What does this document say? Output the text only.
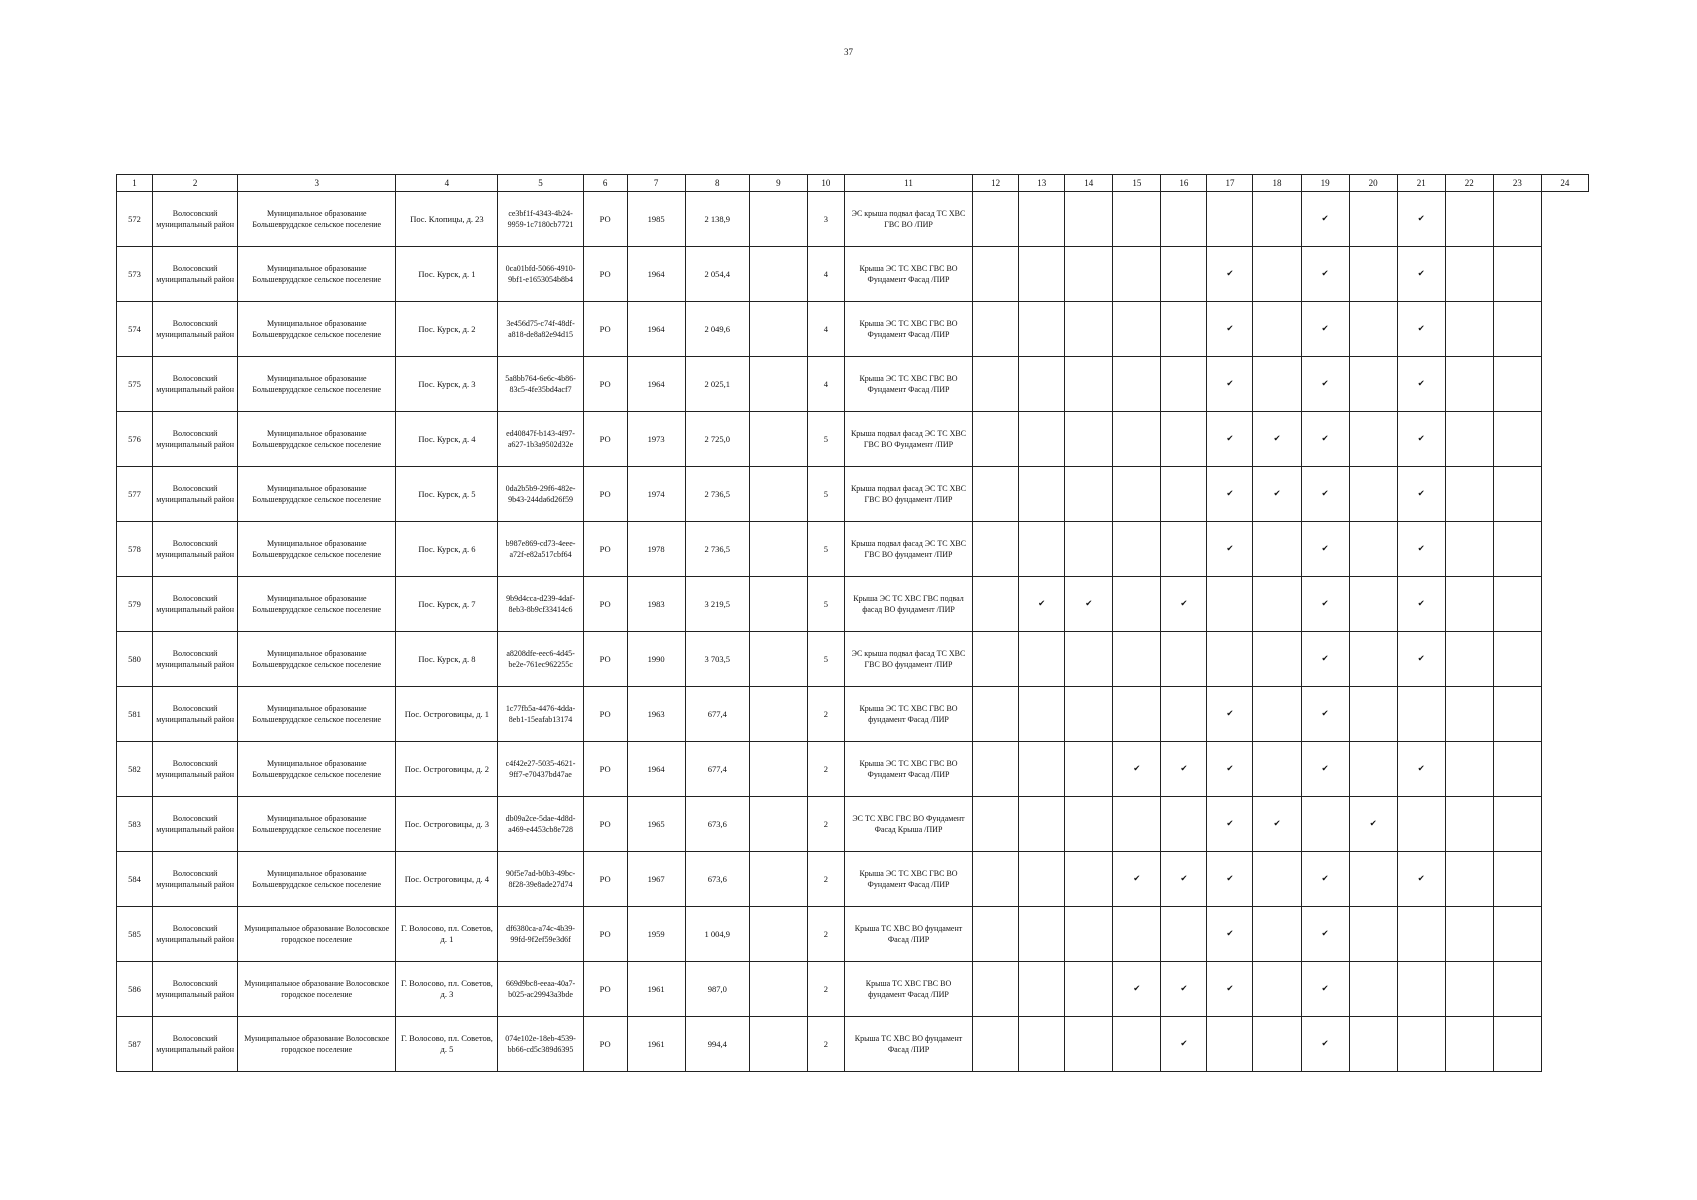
37
1	2	3	4	5	6	7	8	9	10	11	12	13	14	15	16	17	18	19	20	21	22	23	24
572	Волосовский муниципальный район	Муниципальное образование Большевруддское сельское поселение	Пос. Клопицы, д. 23	ce3bf1f-4343-4b24-9959-1c7180cb7721	РО	1985	2 138,9		3	ЭС крыша подвал фасад ТС ХВС ГВС ВО /ПИР								✔		✔			
573	Волосовский муниципальный район	Муниципальное образование Большевруддское сельское поселение	Пос. Курск, д. 1	0ca01bfd-5066-4910-9bf1-e1653054b8b4	РО	1964	2 054,4		4	Крыша ЭС ТС ХВС ГВС ВО Фундамент Фасад /ПИР						✔		✔		✔			
574	Волосовский муниципальный район	Муниципальное образование Большевруддское сельское поселение	Пос. Курск, д. 2	3e456d75-c74f-48df-a818-de8a82e94d15	РО	1964	2 049,6		4	Крыша ЭС ТС ХВС ГВС ВО Фундамент Фасад /ПИР						✔		✔		✔			
575	Волосовский муниципальный район	Муниципальное образование Большевруддское сельское поселение	Пос. Курск, д. 3	5a8bb764-6e6c-4b86-83c5-4fe35bd4acf7	РО	1964	2 025,1		4	Крыша ЭС ТС ХВС ГВС ВО Фундамент Фасад /ПИР						✔		✔		✔			
576	Волосовский муниципальный район	Муниципальное образование Большевруддское сельское поселение	Пос. Курск, д. 4	ed40847f-b143-4f97-a627-1b3a9502d32e	РО	1973	2 725,0		5	Крыша подвал фасад ЭС ТС ХВС ГВС ВО Фундамент /ПИР						✔	✔	✔		✔			
577	Волосовский муниципальный район	Муниципальное образование Большевруддское сельское поселение	Пос. Курск, д. 5	0da2b5b9-29f6-482e-9b43-244da6d26f59	РО	1974	2 736,5		5	Крыша подвал фасад ЭС ТС ХВС ГВС ВО фундамент /ПИР						✔	✔	✔		✔			
578	Волосовский муниципальный район	Муниципальное образование Большевруддское сельское поселение	Пос. Курск, д. 6	b987e869-cd73-4eee-a72f-e82a517cbf64	РО	1978	2 736,5		5	Крыша подвал фасад ЭС ТС ХВС ГВС ВО фундамент /ПИР						✔		✔		✔			
579	Волосовский муниципальный район	Муниципальное образование Большевруддское сельское поселение	Пос. Курск, д. 7	9b9d4cca-d239-4daf-8eb3-8b9cf33414c6	РО	1983	3 219,5		5	Крыша ЭС ТС ХВС ГВС подвал фасад ВО фундамент /ПИР		✔	✔		✔			✔		✔			
580	Волосовский муниципальный район	Муниципальное образование Большевруддское сельское поселение	Пос. Курск, д. 8	a8208dfe-eec6-4d45-be2e-761ec962255c	РО	1990	3 703,5		5	ЭС крыша подвал фасад ТС ХВС ГВС ВО фундамент /ПИР								✔		✔			
581	Волосовский муниципальный район	Муниципальное образование Большевруддское сельское поселение	Пос. Остроговицы, д. 1	1c77fb5a-4476-4dda-8eb1-15eafab13174	РО	1963	677,4		2	Крыша ЭС ТС ХВС ГВС ВО фундамент Фасад /ПИР						✔		✔					
582	Волосовский муниципальный район	Муниципальное образование Большевруддское сельское поселение	Пос. Остроговицы, д. 2	c4f42e27-5035-4621-9ff7-e70437bd47ae	РО	1964	677,4		2	Крыша ЭС ТС ХВС ГВС ВО Фундамент Фасад /ПИР				✔	✔	✔		✔		✔			
583	Волосовский муниципальный район	Муниципальное образование Большевруддское сельское поселение	Пос. Остроговицы, д. 3	db09a2ce-5dae-4d8d-a469-e4453cb8e728	РО	1965	673,6		2	ЭС ТС ХВС ГВС ВО Фундамент Фасад Крыша /ПИР						✔	✔		✔				
584	Волосовский муниципальный район	Муниципальное образование Большевруддское сельское поселение	Пос. Остроговицы, д. 4	90f5e7ad-b0b3-49bc-8f28-39e8ade27d74	РО	1967	673,6		2	Крыша ЭС ТС ХВС ГВС ВО Фундамент Фасад /ПИР				✔	✔	✔		✔		✔			
585	Волосовский муниципальный район	Муниципальное образование Волосовское городское поселение	Г. Волосово, пл. Советов, д. 1	df6380ca-a74c-4b39-99fd-9f2ef59e3d6f	РО	1959	1 004,9		2	Крыша ТС ХВС ВО фундамент Фасад /ПИР						✔		✔					
586	Волосовский муниципальный район	Муниципальное образование Волосовское городское поселение	Г. Волосово, пл. Советов, д. 3	669d9bc8-eeaa-40a7-b025-ac29943a3bde	РО	1961	987,0		2	Крыша ТС ХВС ГВС ВО фундамент Фасад /ПИР				✔	✔	✔		✔					
587	Волосовский муниципальный район	Муниципальное образование Волосовское городское поселение	Г. Волосово, пл. Советов, д. 5	074e102e-18eb-4539-bb66-cd5c389d6395	РО	1961	994,4		2	Крыша ТС ХВС ВО фундамент Фасад /ПИР					✔			✔					
